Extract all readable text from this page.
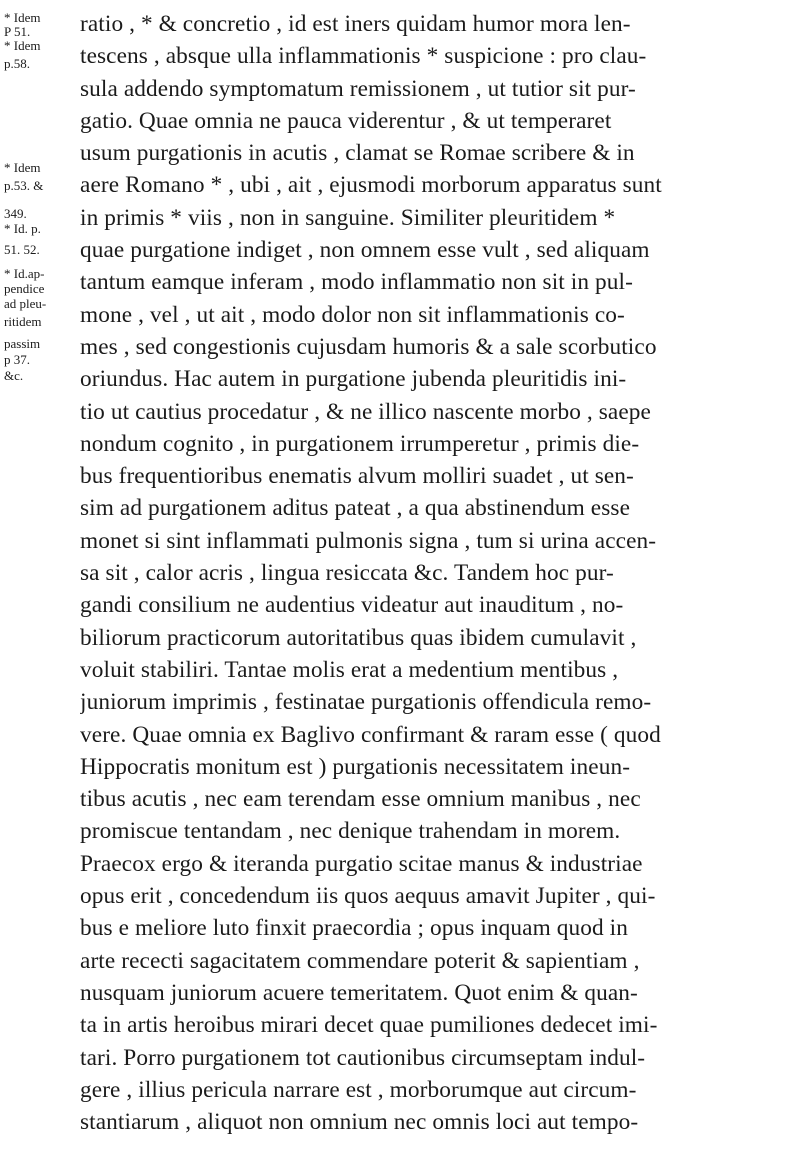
* Idem
P 51.
* Idem
p.58.
* Idem
p.53. &
349.
* Id. p.
51. 52.
* Id.ap-
pendice
ad pleu-
ritidem
passim
p 37.
&c.
ratio , * & concretio , id est iners quidam humor mora len-
tescens , absque ulla inflammationis * suspicione : pro clau-
sula addendo symptomatum remissionem , ut tutior sit pur-
gatio. Quae omnia ne pauca viderentur , & ut temperaret
usum purgationis in acutis , clamat se Romae scribere & in
aere Romano * , ubi , ait , ejusmodi morborum apparatus sunt
in primis * viis , non in sanguine. Similiter pleuritidem *
quae purgatione indiget , non omnem esse vult , sed aliquam
tantum eamque inferam , modo inflammatio non sit in pul-
mone , vel , ut ait , modo dolor non sit inflammationis co-
mes , sed congestionis cujusdam humoris & a sale scorbutico
oriundus. Hac autem in purgatione jubenda pleuritidis ini-
tio ut cautius procedatur , & ne illico nascente morbo , saepe
nondum cognito , in purgationem irrumperetur , primis die-
bus frequentioribus enematis alvum molliri suadet , ut sen-
sim ad purgationem aditus pateat , a qua abstinendum esse
monet si sint inflammati pulmonis signa , tum si urina accen-
sa sit , calor acris , lingua resiccata &c. Tandem hoc pur-
gandi consilium ne audentius videatur aut inauditum , no-
biliorum practicorum autoritatibus quas ibidem cumulavit ,
voluit stabiliri. Tantae molis erat a medentium mentibus ,
juniorum imprimis , festinatae purgationis offendicula remo-
vere. Quae omnia ex Baglivo confirmant & raram esse ( quod
Hippocratis monitum est ) purgationis necessitatem ineun-
tibus acutis , nec eam terendam esse omnium manibus , nec
promiscue tentandam , nec denique trahendam in morem.
Praecox ergo & iteranda purgatio scitae manus & industriae
opus erit , concedendum iis quos aequus amavit Jupiter , qui-
bus e meliore luto finxit praecordia ; opus inquam quod in
arte rececti sagacitatem commendare poterit & sapientiam ,
nusquam juniorum acuere temeritatem. Quot enim & quan-
ta in artis heroibus mirari decet quae pumiliones dedecet imi-
tari. Porro purgationem tot cautionibus circumseptam indul-
gere , illius pericula narrare est , morborumque aut circum-
stantiarum , aliquot non omnium nec omnis loci aut tempo-
